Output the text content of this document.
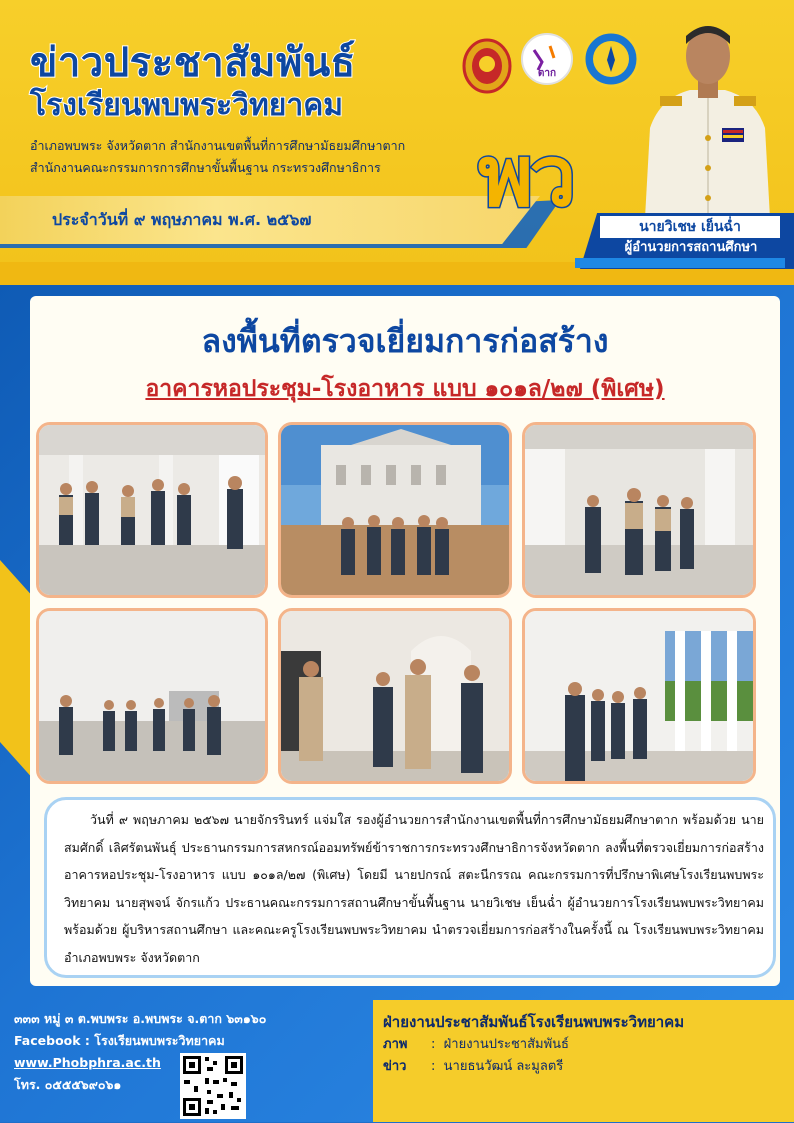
ข่าวประชาสัมพันธ์
โรงเรียนพบพระวิทยาคม
อำเภอพบพระ จังหวัดตาก สำนักงานเขตพื้นที่การศึกษามัธยมศึกษาตาก
สำนักงานคณะกรรมการการศึกษาขั้นพื้นฐาน กระทรวงศึกษาธิการ
ประจำวันที่ ๙ พฤษภาคม พ.ศ. ๒๕๖๗ พว
ตาก
นายวิเชษ เย็นฉ่ำ
ผู้อำนวยการสถานศึกษา
ลงพื้นที่ตรวจเยี่ยมการก่อสร้าง
อาคารหอประชุม-โรงอาหาร แบบ ๑๐๑ล/๒๗ (พิเศษ)
วันที่ ๙ พฤษภาคม ๒๕๖๗ นายจักรรินทร์ แจ่มใส รองผู้อำนวยการสำนักงานเขตพื้นที่การศึกษามัธยมศึกษาตาก พร้อมด้วย นายสมศักดิ์ เลิศรัตนพันธุ์ ประธานกรรมการสหกรณ์ออมทรัพย์ข้าราชการกระทรวงศึกษาธิการจังหวัดตาก ลงพื้นที่ตรวจเยี่ยมการก่อสร้างอาคารหอประชุม-โรงอาหาร แบบ ๑๐๑ล/๒๗ (พิเศษ) โดยมี นายปกรณ์ สตะนีกรรณ คณะกรรมการที่ปรึกษาพิเศษโรงเรียนพบพระวิทยาคม นายสุพจน์ จักรแก้ว ประธานคณะกรรมการสถานศึกษาขั้นพื้นฐาน นายวิเชษ เย็นฉ่ำ ผู้อำนวยการโรงเรียนพบพระวิทยาคม พร้อมด้วย ผู้บริหารสถานศึกษา และคณะครูโรงเรียนพบพระวิทยาคม นำตรวจเยี่ยมการก่อสร้างในครั้งนี้ ณ โรงเรียนพบพระวิทยาคม อำเภอพบพระ จังหวัดตาก
๓๓๓ หมู่ ๓ ต.พบพระ อ.พบพระ จ.ตาก ๖๓๑๖๐
Facebook : โรงเรียนพบพระวิทยาคม
www.Phobphra.ac.th
โทร. ๐๕๕๕๖๙๐๖๑
ฝ่ายงานประชาสัมพันธ์โรงเรียนพบพระวิทยาคม
ภาพ : ฝ่ายงานประชาสัมพันธ์
ข่าว : นายธนวัฒน์ ละมูลตรี
